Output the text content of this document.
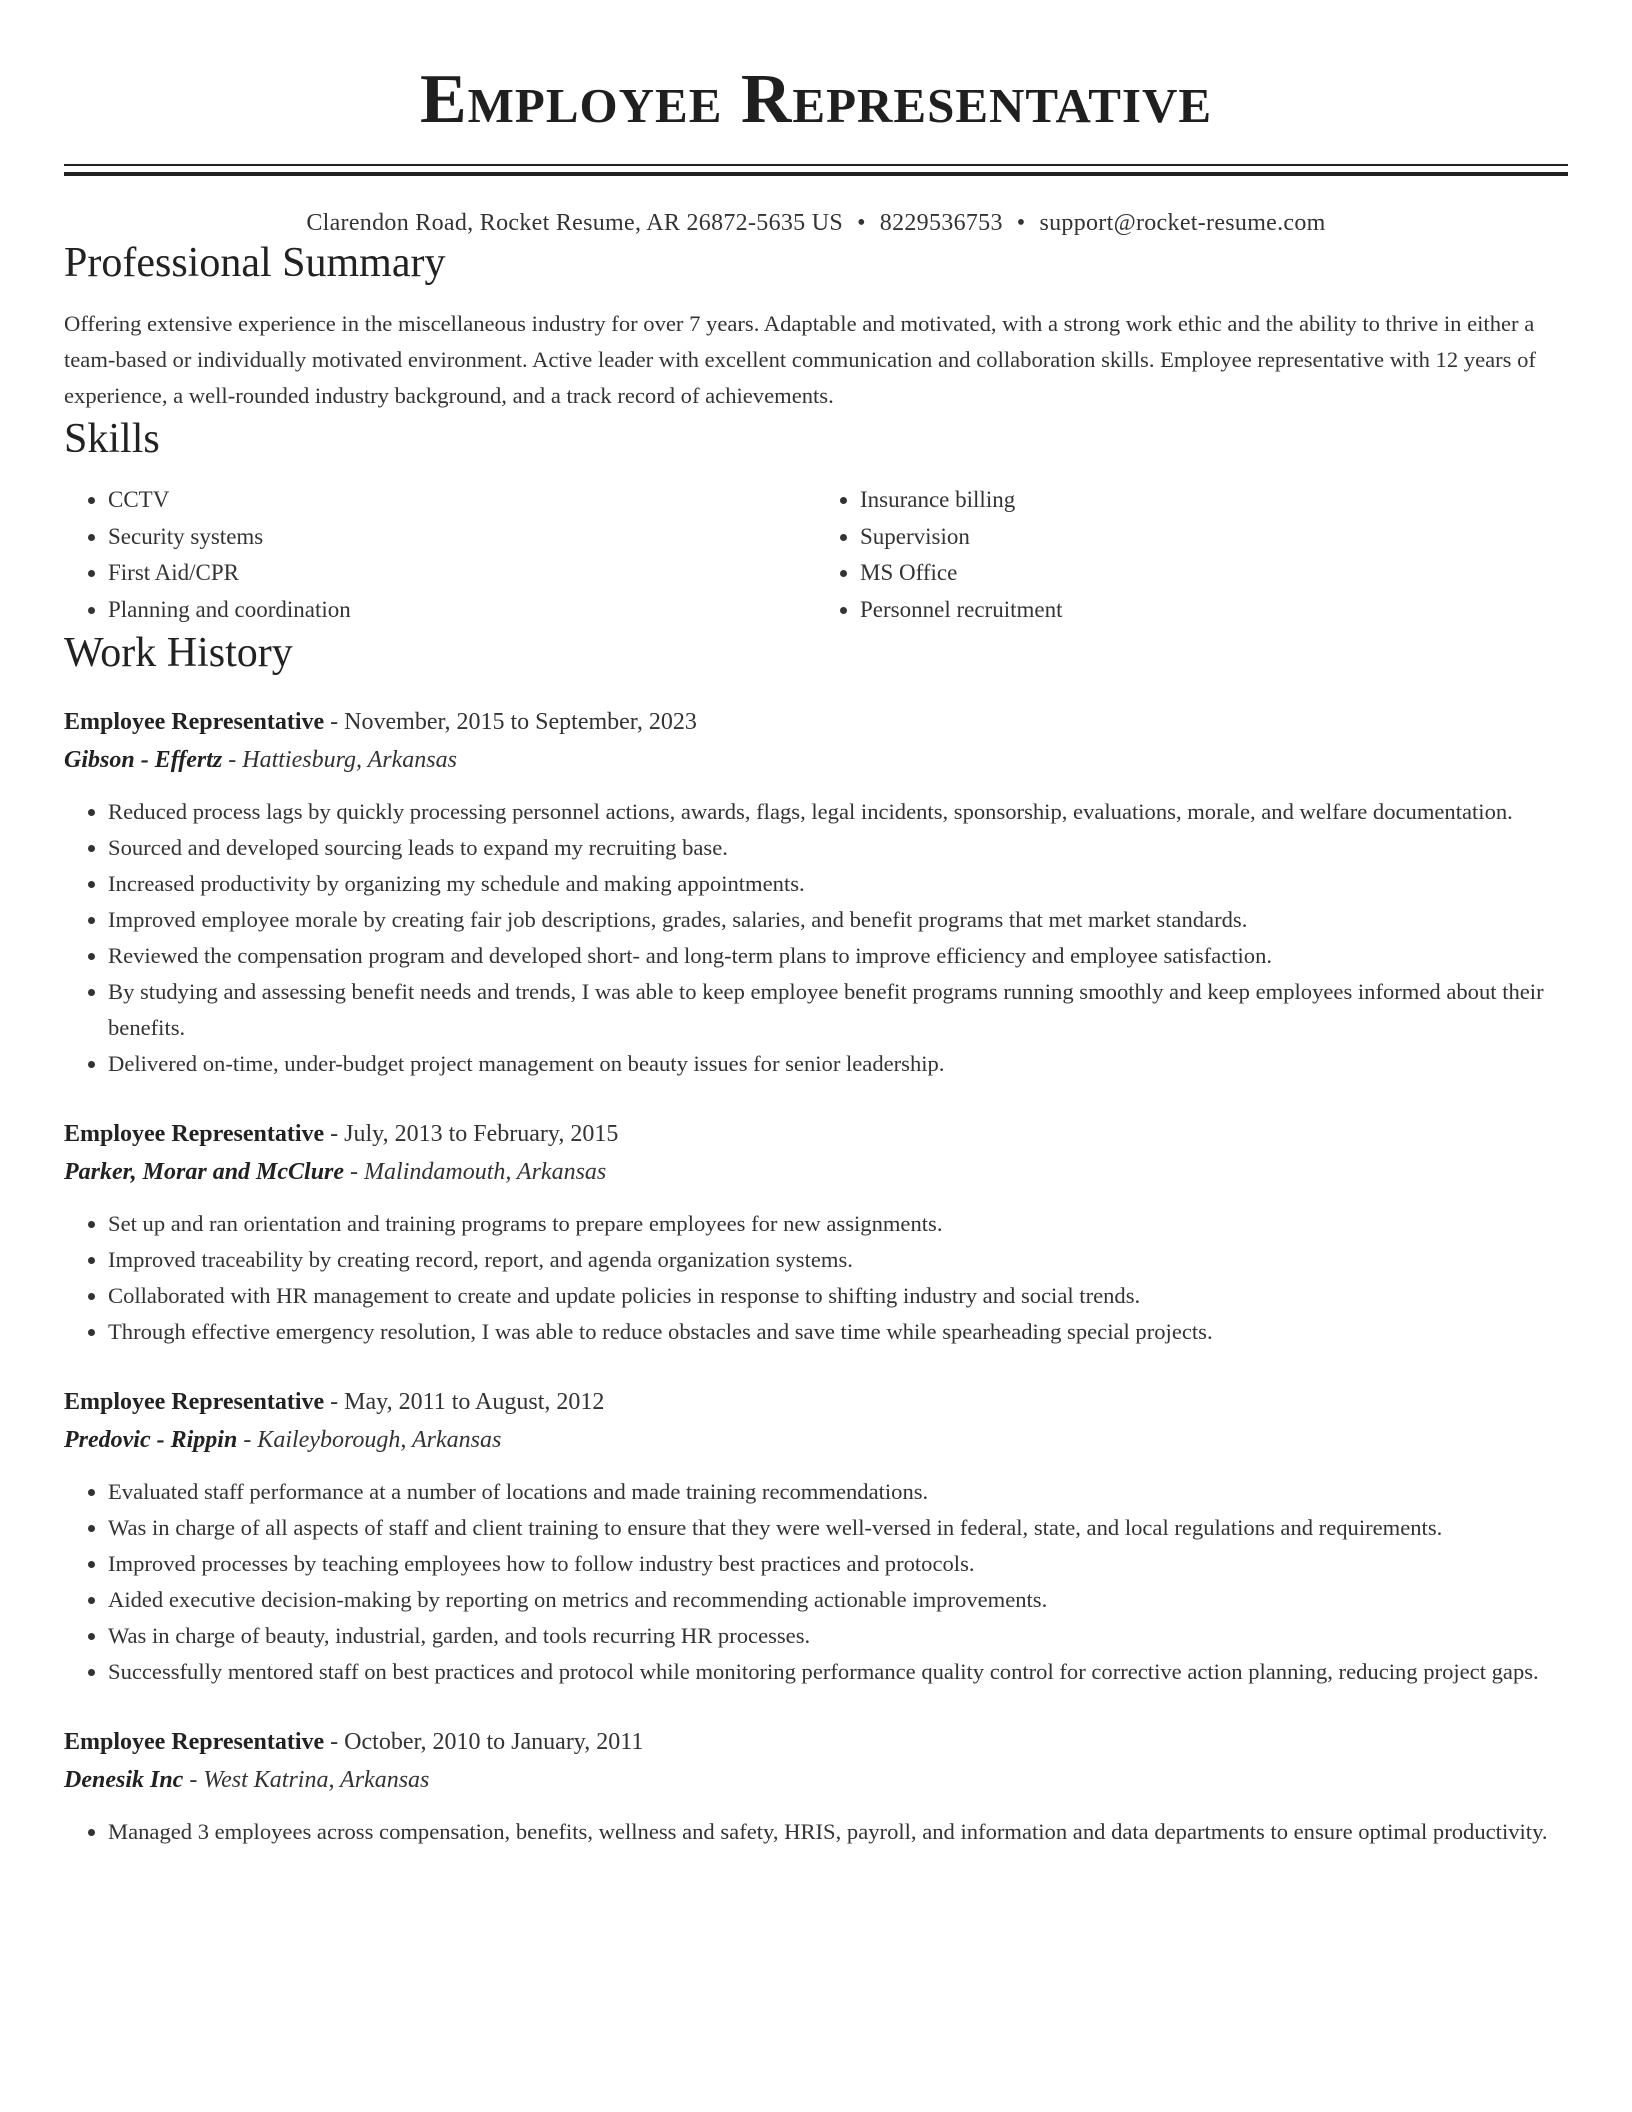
Employee Representative
Clarendon Road, Rocket Resume, AR 26872-5635 US • 8229536753 • support@rocket-resume.com
Professional Summary

Offering extensive experience in the miscellaneous industry for over 7 years. Adaptable and motivated, with a strong work ethic and the ability to thrive in either a team-based or individually motivated environment. Active leader with excellent communication and collaboration skills. Employee representative with 12 years of experience, a well-rounded industry background, and a track record of achievements.

Skills
• CCTV
• Security systems
• First Aid/CPR
• Planning and coordination
• Insurance billing
• Supervision
• MS Office
• Personnel recruitment
Work History

Employee Representative - November, 2015 to September, 2023

Gibson - Effertz - Hattiesburg, Arkansas

• Reduced process lags by quickly processing personnel actions, awards, flags, legal incidents, sponsorship, evaluations, morale, and welfare documentation.
• Sourced and developed sourcing leads to expand my recruiting base.
• Increased productivity by organizing my schedule and making appointments.
• Improved employee morale by creating fair job descriptions, grades, salaries, and benefit programs that met market standards.
• Reviewed the compensation program and developed short- and long-term plans to improve efficiency and employee satisfaction.
• By studying and assessing benefit needs and trends, I was able to keep employee benefit programs running smoothly and keep employees informed about their benefits.
• Delivered on-time, under-budget project management on beauty issues for senior leadership.

Employee Representative - July, 2013 to February, 2015

Parker, Morar and McClure - Malindamouth, Arkansas

• Set up and ran orientation and training programs to prepare employees for new assignments.
• Improved traceability by creating record, report, and agenda organization systems.
• Collaborated with HR management to create and update policies in response to shifting industry and social trends.
• Through effective emergency resolution, I was able to reduce obstacles and save time while spearheading special projects.

Employee Representative - May, 2011 to August, 2012

Predovic - Rippin - Kaileyborough, Arkansas

• Evaluated staff performance at a number of locations and made training recommendations.
• Was in charge of all aspects of staff and client training to ensure that they were well-versed in federal, state, and local regulations and requirements.
• Improved processes by teaching employees how to follow industry best practices and protocols.
• Aided executive decision-making by reporting on metrics and recommending actionable improvements.
• Was in charge of beauty, industrial, garden, and tools recurring HR processes.
• Successfully mentored staff on best practices and protocol while monitoring performance quality control for corrective action planning, reducing project gaps.

Employee Representative - October, 2010 to January, 2011

Denesik Inc - West Katrina, Arkansas

• Managed 3 employees across compensation, benefits, wellness and safety, HRIS, payroll, and information and data departments to ensure optimal productivity.
